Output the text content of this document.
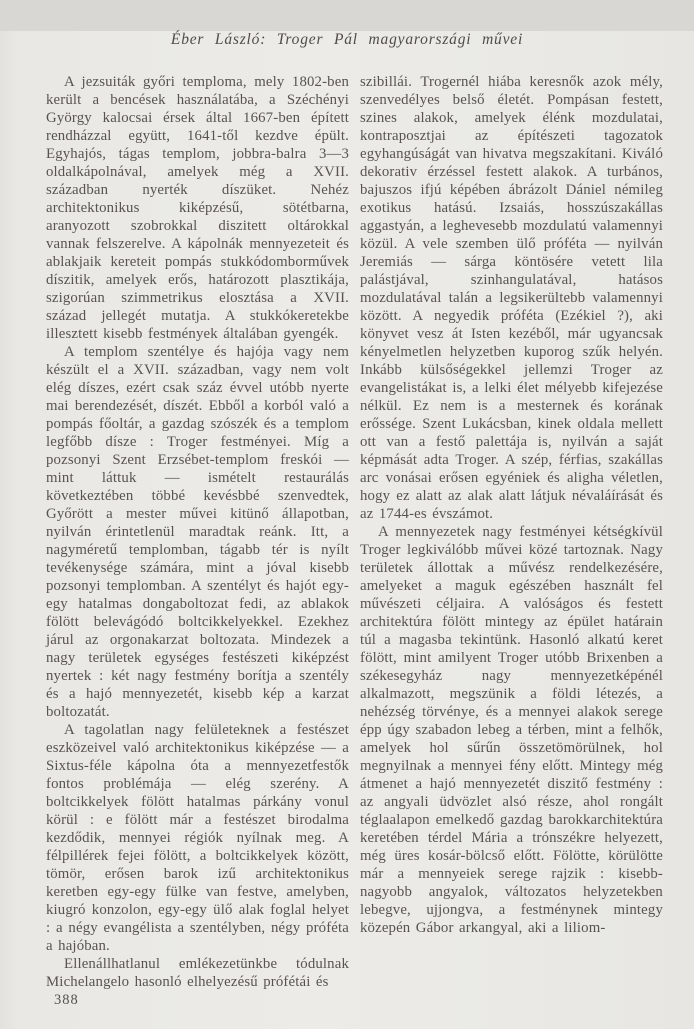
Éber László: Troger Pál magyarországi művei

A jezsuiták győri temploma, mely 1802-ben került a bencések használatába, a Széchényi György kalocsai érsek által 1667-ben épített rendházzal együtt, 1641-től kezdve épült. Egyhajós, tágas templom, jobbra-balra 3—3 oldalkápolnával, amelyek még a XVII. században nyerték díszüket. Nehéz architektonikus kiképzésű, sötétbarna, aranyozott szobrokkal diszitett oltárokkal vannak felszerelve. A kápolnák mennyezeteit és ablakjaik kereteit pompás stukkódomborművek díszitik, amelyek erős, határozott plasztikája, szigorúan szimmetrikus elosztása a XVII. század jellegét mutatja. A stukkókeretekbe illesztett kisebb festmények általában gyengék.

A templom szentélye és hajója vagy nem készült el a XVII. században, vagy nem volt elég díszes, ezért csak száz évvel utóbb nyerte mai berendezését, díszét. Ebből a korból való a pompás főoltár, a gazdag szószék és a templom legfőbb dísze : Troger festményei. Míg a pozsonyi Szent Erzsébet-templom freskói — mint láttuk — ismételt restaurálás következtében többé kevésbbé szenvedtek, Győrött a mester művei kitünő állapotban, nyilván érintetlenül maradtak reánk. Itt, a nagyméretű templomban, tágabb tér is nyílt tevékenysége számára, mint a jóval kisebb pozsonyi templomban. A szentélyt és hajót egy-egy hatalmas dongaboltozat fedi, az ablakok fölött belevágódó boltcikkelyekkel. Ezekhez járul az orgonakarzat boltozata. Mindezek a nagy területek egységes festészeti kiképzést nyertek : két nagy festmény borítja a szentély és a hajó mennyezetét, kisebb kép a karzat boltozatát.

A tagolatlan nagy felületeknek a festészet eszközeivel való architektonikus kiképzése — a Sixtus-féle kápolna óta a mennyezetfestők fontos problémája — elég szerény. A boltcikkelyek fölött hatalmas párkány vonul körül : e fölött már a festészet birodalma kezdődik, mennyei régiók nyílnak meg. A félpillérek fejei fölött, a boltcikkelyek között, tömör, erősen barok izű architektonikus keretben egy-egy fülke van festve, amelyben, kiugró konzolon, egy-egy ülő alak foglal helyet : a négy evangélista a szentélyben, négy próféta a hajóban.

Ellenállhatlanul emlékezetünkbe tódulnak Michelangelo hasonló elhelyezésű prófétái és

388

szibillái. Trogernél hiába keresnők azok mély, szenvedélyes belső életét. Pompásan festett, szines alakok, amelyek élénk mozdulatai, kontraposztjai az építészeti tagozatok egyhangúságát van hivatva megszakítani. Kiváló dekorativ érzéssel festett alakok. A turbános, bajuszos ifjú képében ábrázolt Dániel némileg exotikus hatású. Izsaiás, hosszúszakállas aggastyán, a leghevesebb mozdulatú valamennyi közül. A vele szemben ülő próféta — nyilván Jeremiás — sárga köntösére vetett lila palástjával, szinhangulatával, hatásos mozdulatával talán a legsikerültebb valamennyi között. A negyedik próféta (Ezékiel ?), aki könyvet vesz át Isten kezéből, már ugyancsak kényelmetlen helyzetben kuporog szűk helyén. Inkább külsőségekkel jellemzi Troger az evangelistákat is, a lelki élet mélyebb kifejezése nélkül. Ez nem is a mesternek és korának erőssége. Szent Lukácsban, kinek oldala mellett ott van a festő palettája is, nyilván a saját képmását adta Troger. A szép, férfias, szakállas arc vonásai erősen egyéniek és aligha véletlen, hogy ez alatt az alak alatt látjuk névaláírását és az 1744-es évszámot.

A mennyezetek nagy festményei kétségkívül Troger legkiválóbb művei közé tartoznak. Nagy területek állottak a művész rendelkezésére, amelyeket a maguk egészében használt fel művészeti céljaira. A valóságos és festett architektúra fölött mintegy az épület határain túl a magasba tekintünk. Hasonló alkatú keret fölött, mint amilyent Troger utóbb Brixenben a székesegyház nagy mennyezetképénél alkalmazott, megszünik a földi létezés, a nehézség törvénye, és a mennyei alakok serege épp úgy szabadon lebeg a térben, mint a felhők, amelyek hol sűrűn összetömörülnek, hol megnyilnak a mennyei fény előtt. Mintegy még átmenet a hajó mennyezetét diszitő festmény : az angyali üdvözlet alsó része, ahol rongált téglaalapon emelkedő gazdag barokkarchitektúra keretében térdel Mária a trónszékre helyezett, még üres kosár-bölcső előtt. Fölötte, körülötte már a mennyeiek serege rajzik : kisebb-nagyobb angyalok, változatos helyzetekben lebegve, ujjongva, a festménynek mintegy közepén Gábor arkangyal, aki a liliom-
